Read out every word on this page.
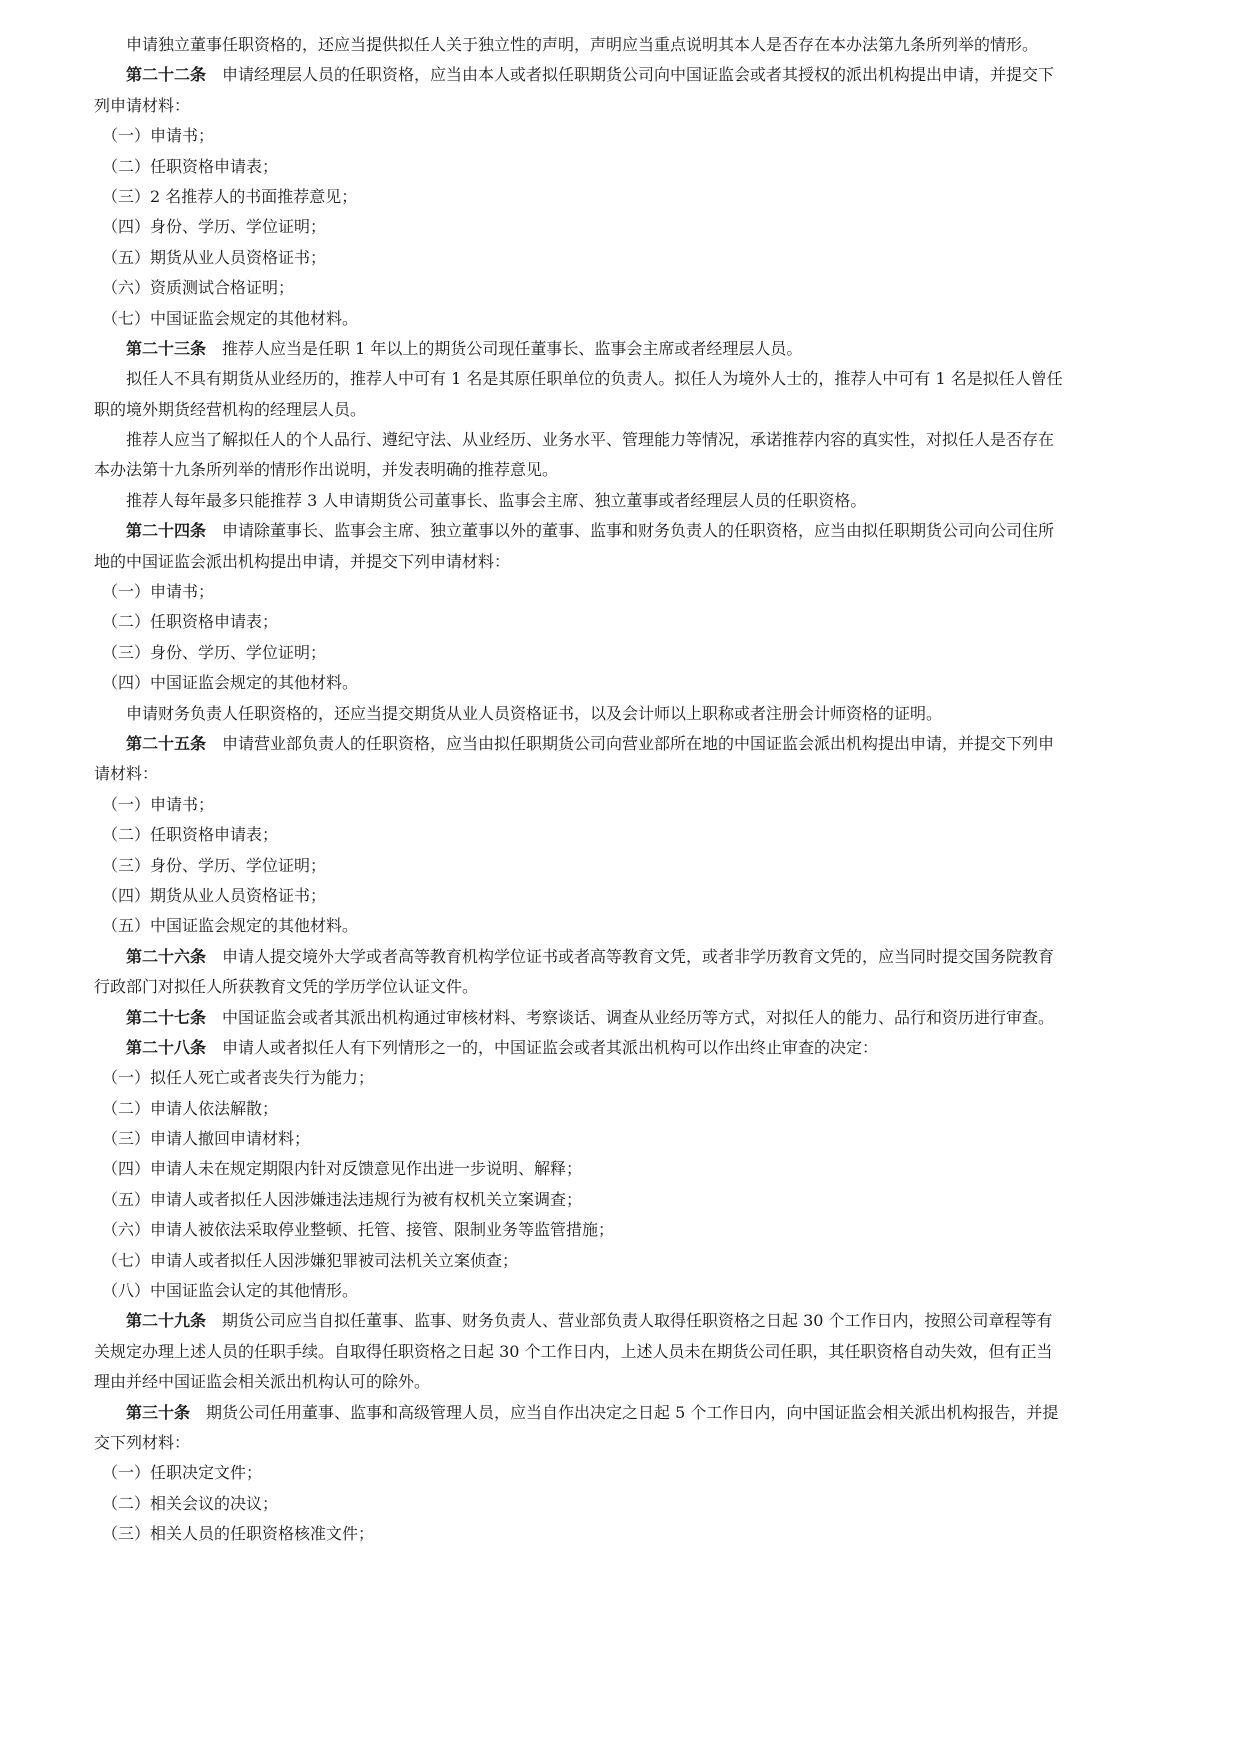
申请独立董事任职资格的，还应当提供拟任人关于独立性的声明，声明应当重点说明其本人是否存在本办法第九条所列举的情形。
第二十二条 申请经理层人员的任职资格，应当由本人或者拟任职期货公司向中国证监会或者其授权的派出机构提出申请，并提交下
列申请材料：
（一）申请书；
（二）任职资格申请表；
（三）2 名推荐人的书面推荐意见；
（四）身份、学历、学位证明；
（五）期货从业人员资格证书；
（六）资质测试合格证明；
（七）中国证监会规定的其他材料。
第二十三条 推荐人应当是任职 1 年以上的期货公司现任董事长、监事会主席或者经理层人员。
拟任人不具有期货从业经历的，推荐人中可有 1 名是其原任职单位的负责人。拟任人为境外人士的，推荐人中可有 1 名是拟任人曾任
职的境外期货经营机构的经理层人员。
推荐人应当了解拟任人的个人品行、遵纪守法、从业经历、业务水平、管理能力等情况，承诺推荐内容的真实性，对拟任人是否存在
本办法第十九条所列举的情形作出说明，并发表明确的推荐意见。
推荐人每年最多只能推荐 3 人申请期货公司董事长、监事会主席、独立董事或者经理层人员的任职资格。
第二十四条 申请除董事长、监事会主席、独立董事以外的董事、监事和财务负责人的任职资格，应当由拟任职期货公司向公司住所
地的中国证监会派出机构提出申请，并提交下列申请材料：
（一）申请书；
（二）任职资格申请表；
（三）身份、学历、学位证明；
（四）中国证监会规定的其他材料。
申请财务负责人任职资格的，还应当提交期货从业人员资格证书，以及会计师以上职称或者注册会计师资格的证明。
第二十五条 申请营业部负责人的任职资格，应当由拟任职期货公司向营业部所在地的中国证监会派出机构提出申请，并提交下列申
请材料：
（一）申请书；
（二）任职资格申请表；
（三）身份、学历、学位证明；
（四）期货从业人员资格证书；
（五）中国证监会规定的其他材料。
第二十六条 申请人提交境外大学或者高等教育机构学位证书或者高等教育文凭，或者非学历教育文凭的，应当同时提交国务院教育
行政部门对拟任人所获教育文凭的学历学位认证文件。
第二十七条 中国证监会或者其派出机构通过审核材料、考察谈话、调查从业经历等方式，对拟任人的能力、品行和资历进行审查。
第二十八条 申请人或者拟任人有下列情形之一的，中国证监会或者其派出机构可以作出终止审查的决定：
（一）拟任人死亡或者丧失行为能力；
（二）申请人依法解散；
（三）申请人撤回申请材料；
（四）申请人未在规定期限内针对反馈意见作出进一步说明、解释；
（五）申请人或者拟任人因涉嫌违法违规行为被有权机关立案调查；
（六）申请人被依法采取停业整顿、托管、接管、限制业务等监管措施；
（七）申请人或者拟任人因涉嫌犯罪被司法机关立案侦查；
（八）中国证监会认定的其他情形。
第二十九条 期货公司应当自拟任董事、监事、财务负责人、营业部负责人取得任职资格之日起 30 个工作日内，按照公司章程等有
关规定办理上述人员的任职手续。自取得任职资格之日起 30 个工作日内，上述人员未在期货公司任职，其任职资格自动失效，但有正当
理由并经中国证监会相关派出机构认可的除外。
第三十条 期货公司任用董事、监事和高级管理人员，应当自作出决定之日起 5 个工作日内，向中国证监会相关派出机构报告，并提
交下列材料：
（一）任职决定文件；
（二）相关会议的决议；
（三）相关人员的任职资格核准文件；
